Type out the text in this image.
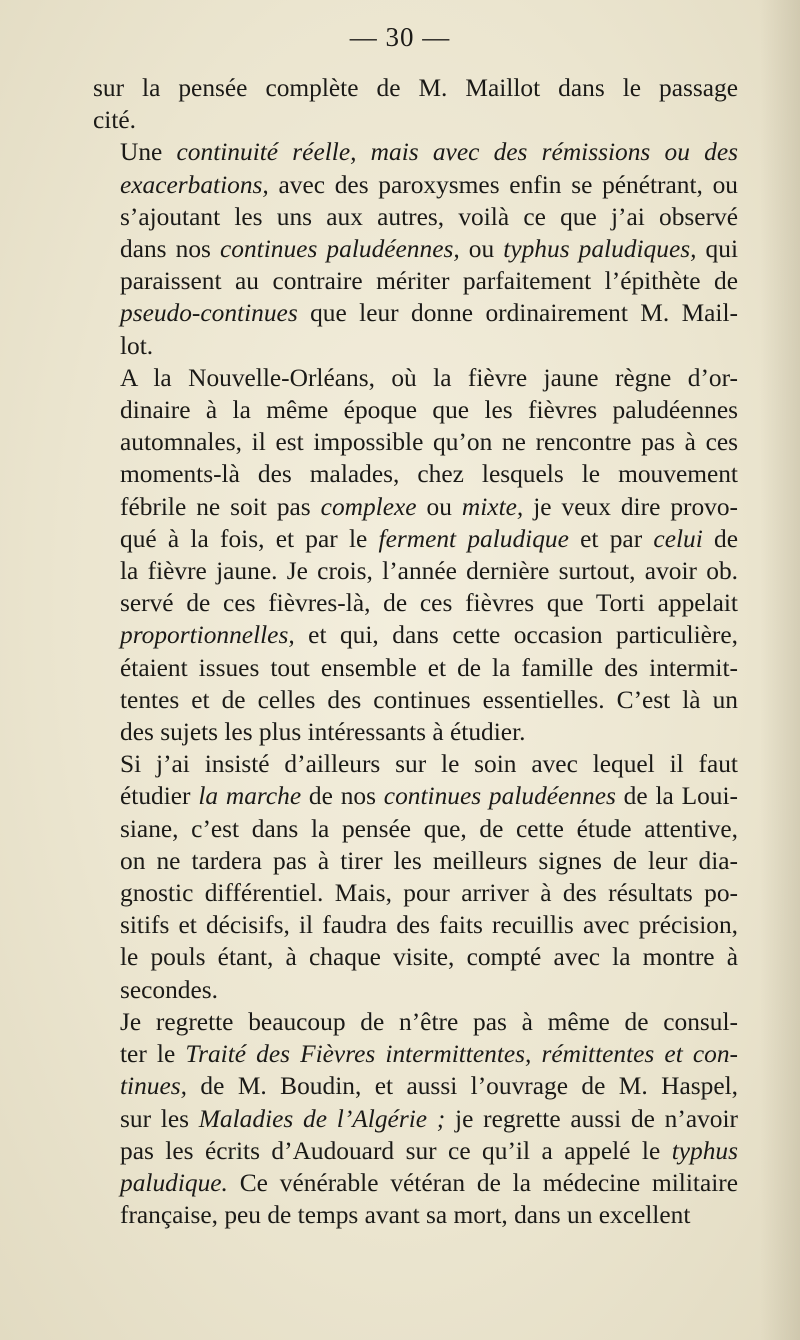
— 30 —

sur la pensée complète de M. Maillot dans le passage
cité.

Une continuité réelle, mais avec des rémissions ou des
exacerbations, avec des paroxysmes enfin se pénétrant, ou
s’ajoutant les uns aux autres, voilà ce que j’ai observé
dans nos continues paludéennes, ou typhus paludiques, qui
paraissent au contraire mériter parfaitement l’épithète de
pseudo-continues que leur donne ordinairement M. Mail-
lot.

A la Nouvelle-Orléans, où la fièvre jaune règne d’or-
dinaire à la même époque que les fièvres paludéennes
automnales, il est impossible qu’on ne rencontre pas à ces
moments-là des malades, chez lesquels le mouvement
fébrile ne soit pas complexe ou mixte, je veux dire provo-
qué à la fois, et par le ferment paludique et par celui de
la fièvre jaune. Je crois, l’année dernière surtout, avoir ob.
servé de ces fièvres-là, de ces fièvres que Torti appelait
proportionnelles, et qui, dans cette occasion particulière,
étaient issues tout ensemble et de la famille des intermit-
tentes et de celles des continues essentielles. C’est là un
des sujets les plus intéressants à étudier.

Si j’ai insisté d’ailleurs sur le soin avec lequel il faut
étudier la marche de nos continues paludéennes de la Loui-
siane, c’est dans la pensée que, de cette étude attentive,
on ne tardera pas à tirer les meilleurs signes de leur dia-
gnostic différentiel. Mais, pour arriver à des résultats po-
sitifs et décisifs, il faudra des faits recuillis avec précision,
le pouls étant, à chaque visite, compté avec la montre à
secondes.

Je regrette beaucoup de n’être pas à même de consul-
ter le Traité des Fièvres intermittentes, rémittentes et con-
tinues, de M. Boudin, et aussi l’ouvrage de M. Haspel,
sur les Maladies de l’Algérie ; je regrette aussi de n’avoir
pas les écrits d’Audouard sur ce qu’il a appelé le typhus
paludique. Ce vénérable vétéran de la médecine militaire
française, peu de temps avant sa mort, dans un excellent
